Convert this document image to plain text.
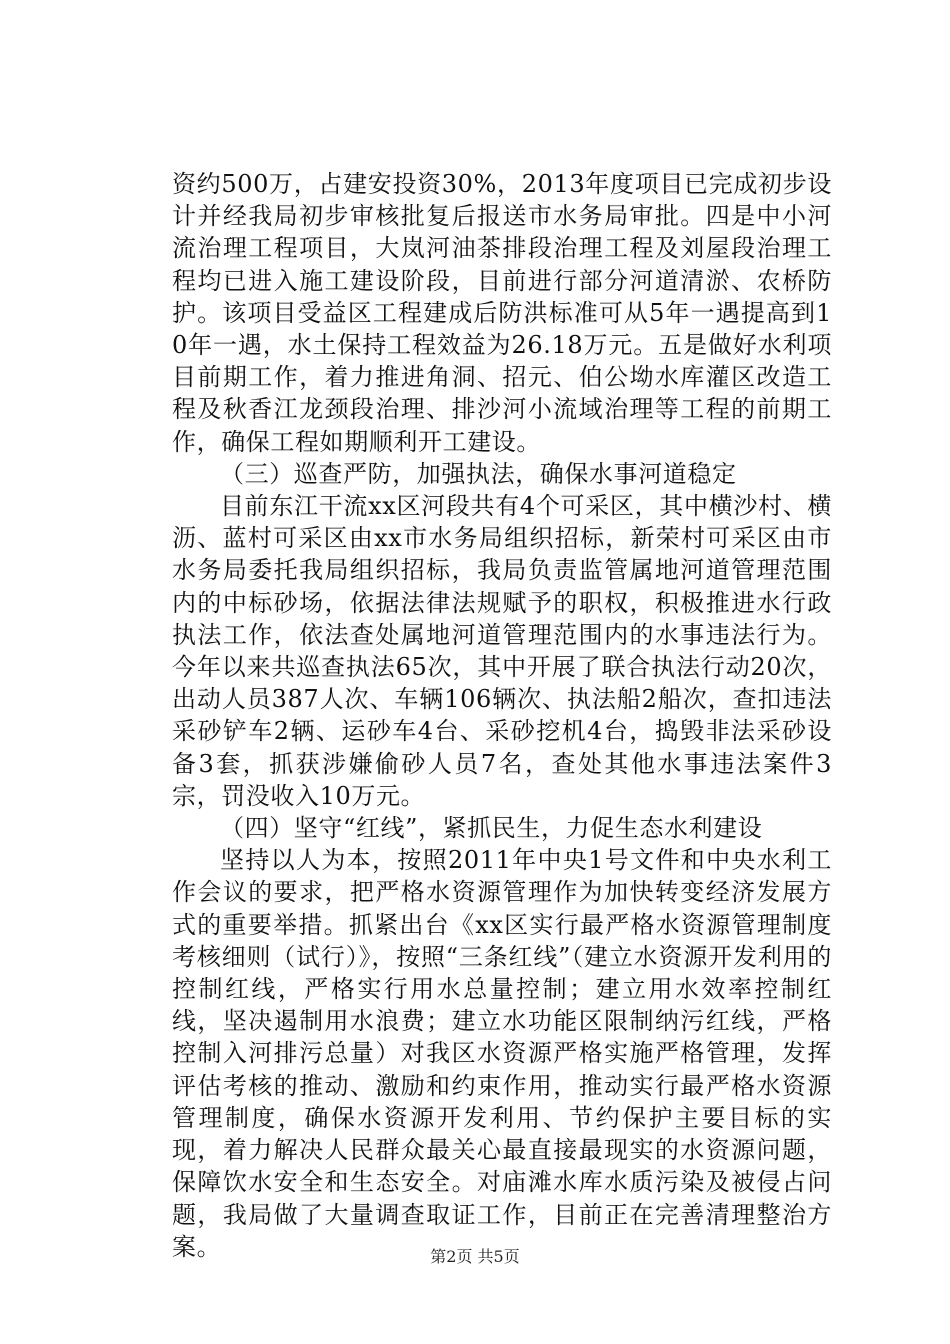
资约500万，占建安投资30%，2013年度项目已完成初步设计并经我局初步审核批复后报送市水务局审批。四是中小河流治理工程项目，大岚河油茶排段治理工程及刘屋段治理工程均已进入施工建设阶段，目前进行部分河道清淤、农桥防护。该项目受益区工程建成后防洪标准可从5年一遇提高到10年一遇，水土保持工程效益为26.18万元。五是做好水利项目前期工作，着力推进角洞、招元、伯公坳水库灌区改造工程及秋香江龙颈段治理、排沙河小流域治理等工程的前期工作，确保工程如期顺利开工建设。

（三）巡查严防，加强执法，确保水事河道稳定

目前东江干流xx区河段共有4个可采区，其中横沙村、横沥、蓝村可采区由xx市水务局组织招标，新荣村可采区由市水务局委托我局组织招标，我局负责监管属地河道管理范围内的中标砂场，依据法律法规赋予的职权，积极推进水行政执法工作，依法查处属地河道管理范围内的水事违法行为。今年以来共巡查执法65次，其中开展了联合执法行动20次，出动人员387人次、车辆106辆次、执法船2船次，查扣违法采砂铲车2辆、运砂车4台、采砂挖机4台，捣毁非法采砂设备3套，抓获涉嫌偷砂人员7名，查处其他水事违法案件3宗，罚没收入10万元。

（四）坚守“红线”，紧抓民生，力促生态水利建设

坚持以人为本，按照2011年中央1号文件和中央水利工作会议的要求，把严格水资源管理作为加快转变经济发展方式的重要举措。抓紧出台《xx区实行最严格水资源管理制度考核细则（试行）》，按照“三条红线”（建立水资源开发利用的控制红线，严格实行用水总量控制；建立用水效率控制红线，坚决遏制用水浪费；建立水功能区限制纳污红线，严格控制入河排污总量）对我区水资源严格实施严格管理，发挥评估考核的推动、激励和约束作用，推动实行最严格水资源管理制度，确保水资源开发利用、节约保护主要目标的实现，着力解决人民群众最关心最直接最现实的水资源问题，保障饮水安全和生态安全。对庙滩水库水质污染及被侵占问题，我局做了大量调查取证工作，目前正在完善清理整治方案。	第2页 共5页
